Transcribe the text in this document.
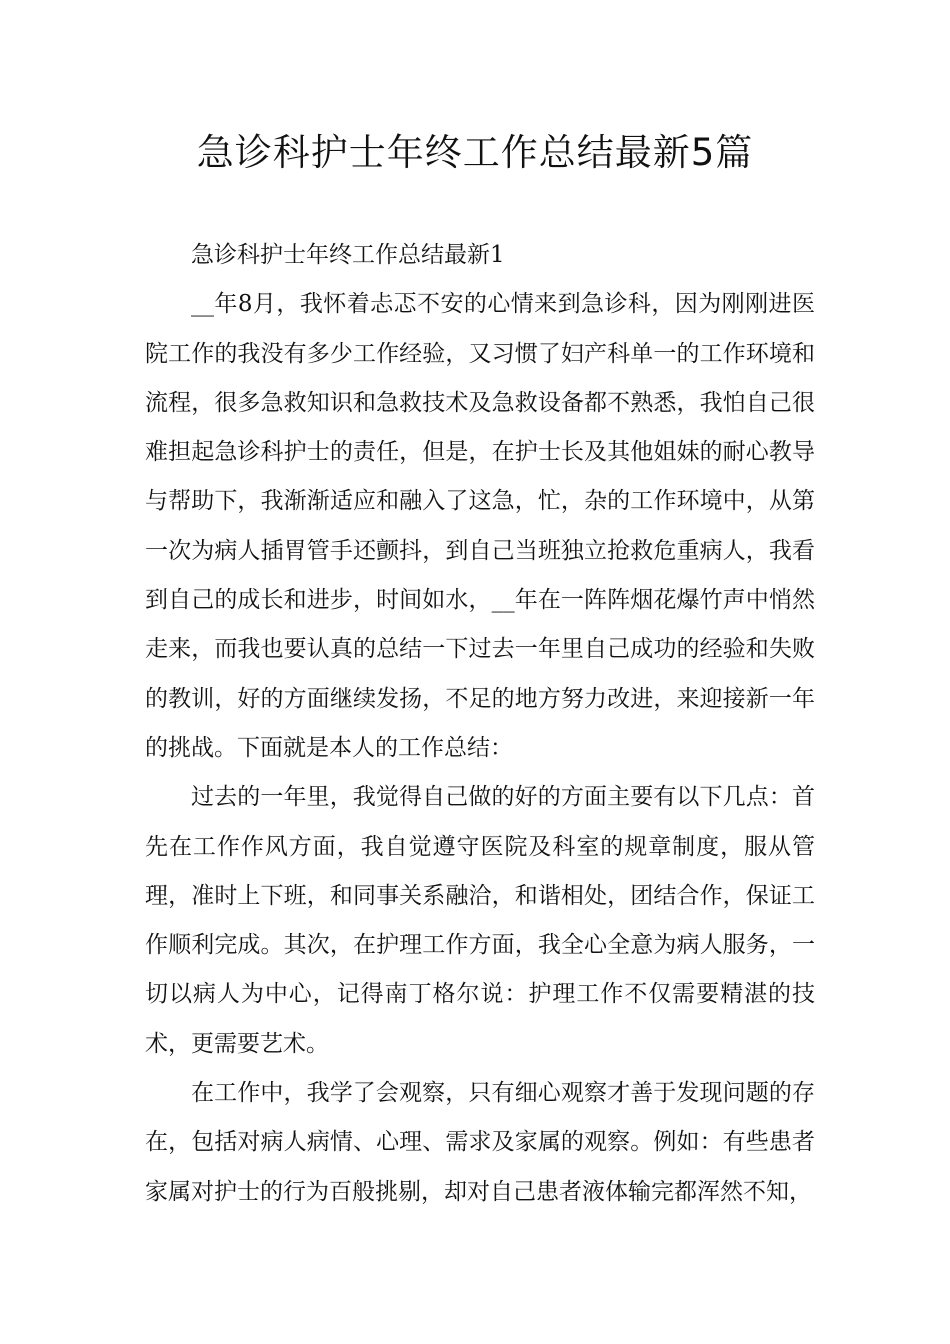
急诊科护士年终工作总结最新5篇

急诊科护士年终工作总结最新1

__年8月，我怀着忐忑不安的心情来到急诊科，因为刚刚进医院工作的我没有多少工作经验，又习惯了妇产科单一的工作环境和流程，很多急救知识和急救技术及急救设备都不熟悉，我怕自己很难担起急诊科护士的责任，但是，在护士长及其他姐妹的耐心教导与帮助下，我渐渐适应和融入了这急，忙，杂的工作环境中，从第一次为病人插胃管手还颤抖，到自己当班独立抢救危重病人，我看到自己的成长和进步，时间如水，__年在一阵阵烟花爆竹声中悄然走来，而我也要认真的总结一下过去一年里自己成功的经验和失败的教训，好的方面继续发扬，不足的地方努力改进，来迎接新一年的挑战。下面就是本人的工作总结：

过去的一年里，我觉得自己做的好的方面主要有以下几点：首先在工作作风方面，我自觉遵守医院及科室的规章制度，服从管理，准时上下班，和同事关系融洽，和谐相处，团结合作，保证工作顺利完成。其次，在护理工作方面，我全心全意为病人服务，一切以病人为中心，记得南丁格尔说：护理工作不仅需要精湛的技术，更需要艺术。

在工作中，我学了会观察，只有细心观察才善于发现问题的存在，包括对病人病情、心理、需求及家属的观察。例如：有些患者家属对护士的行为百般挑剔，却对自己患者液体输完都浑然不知，
